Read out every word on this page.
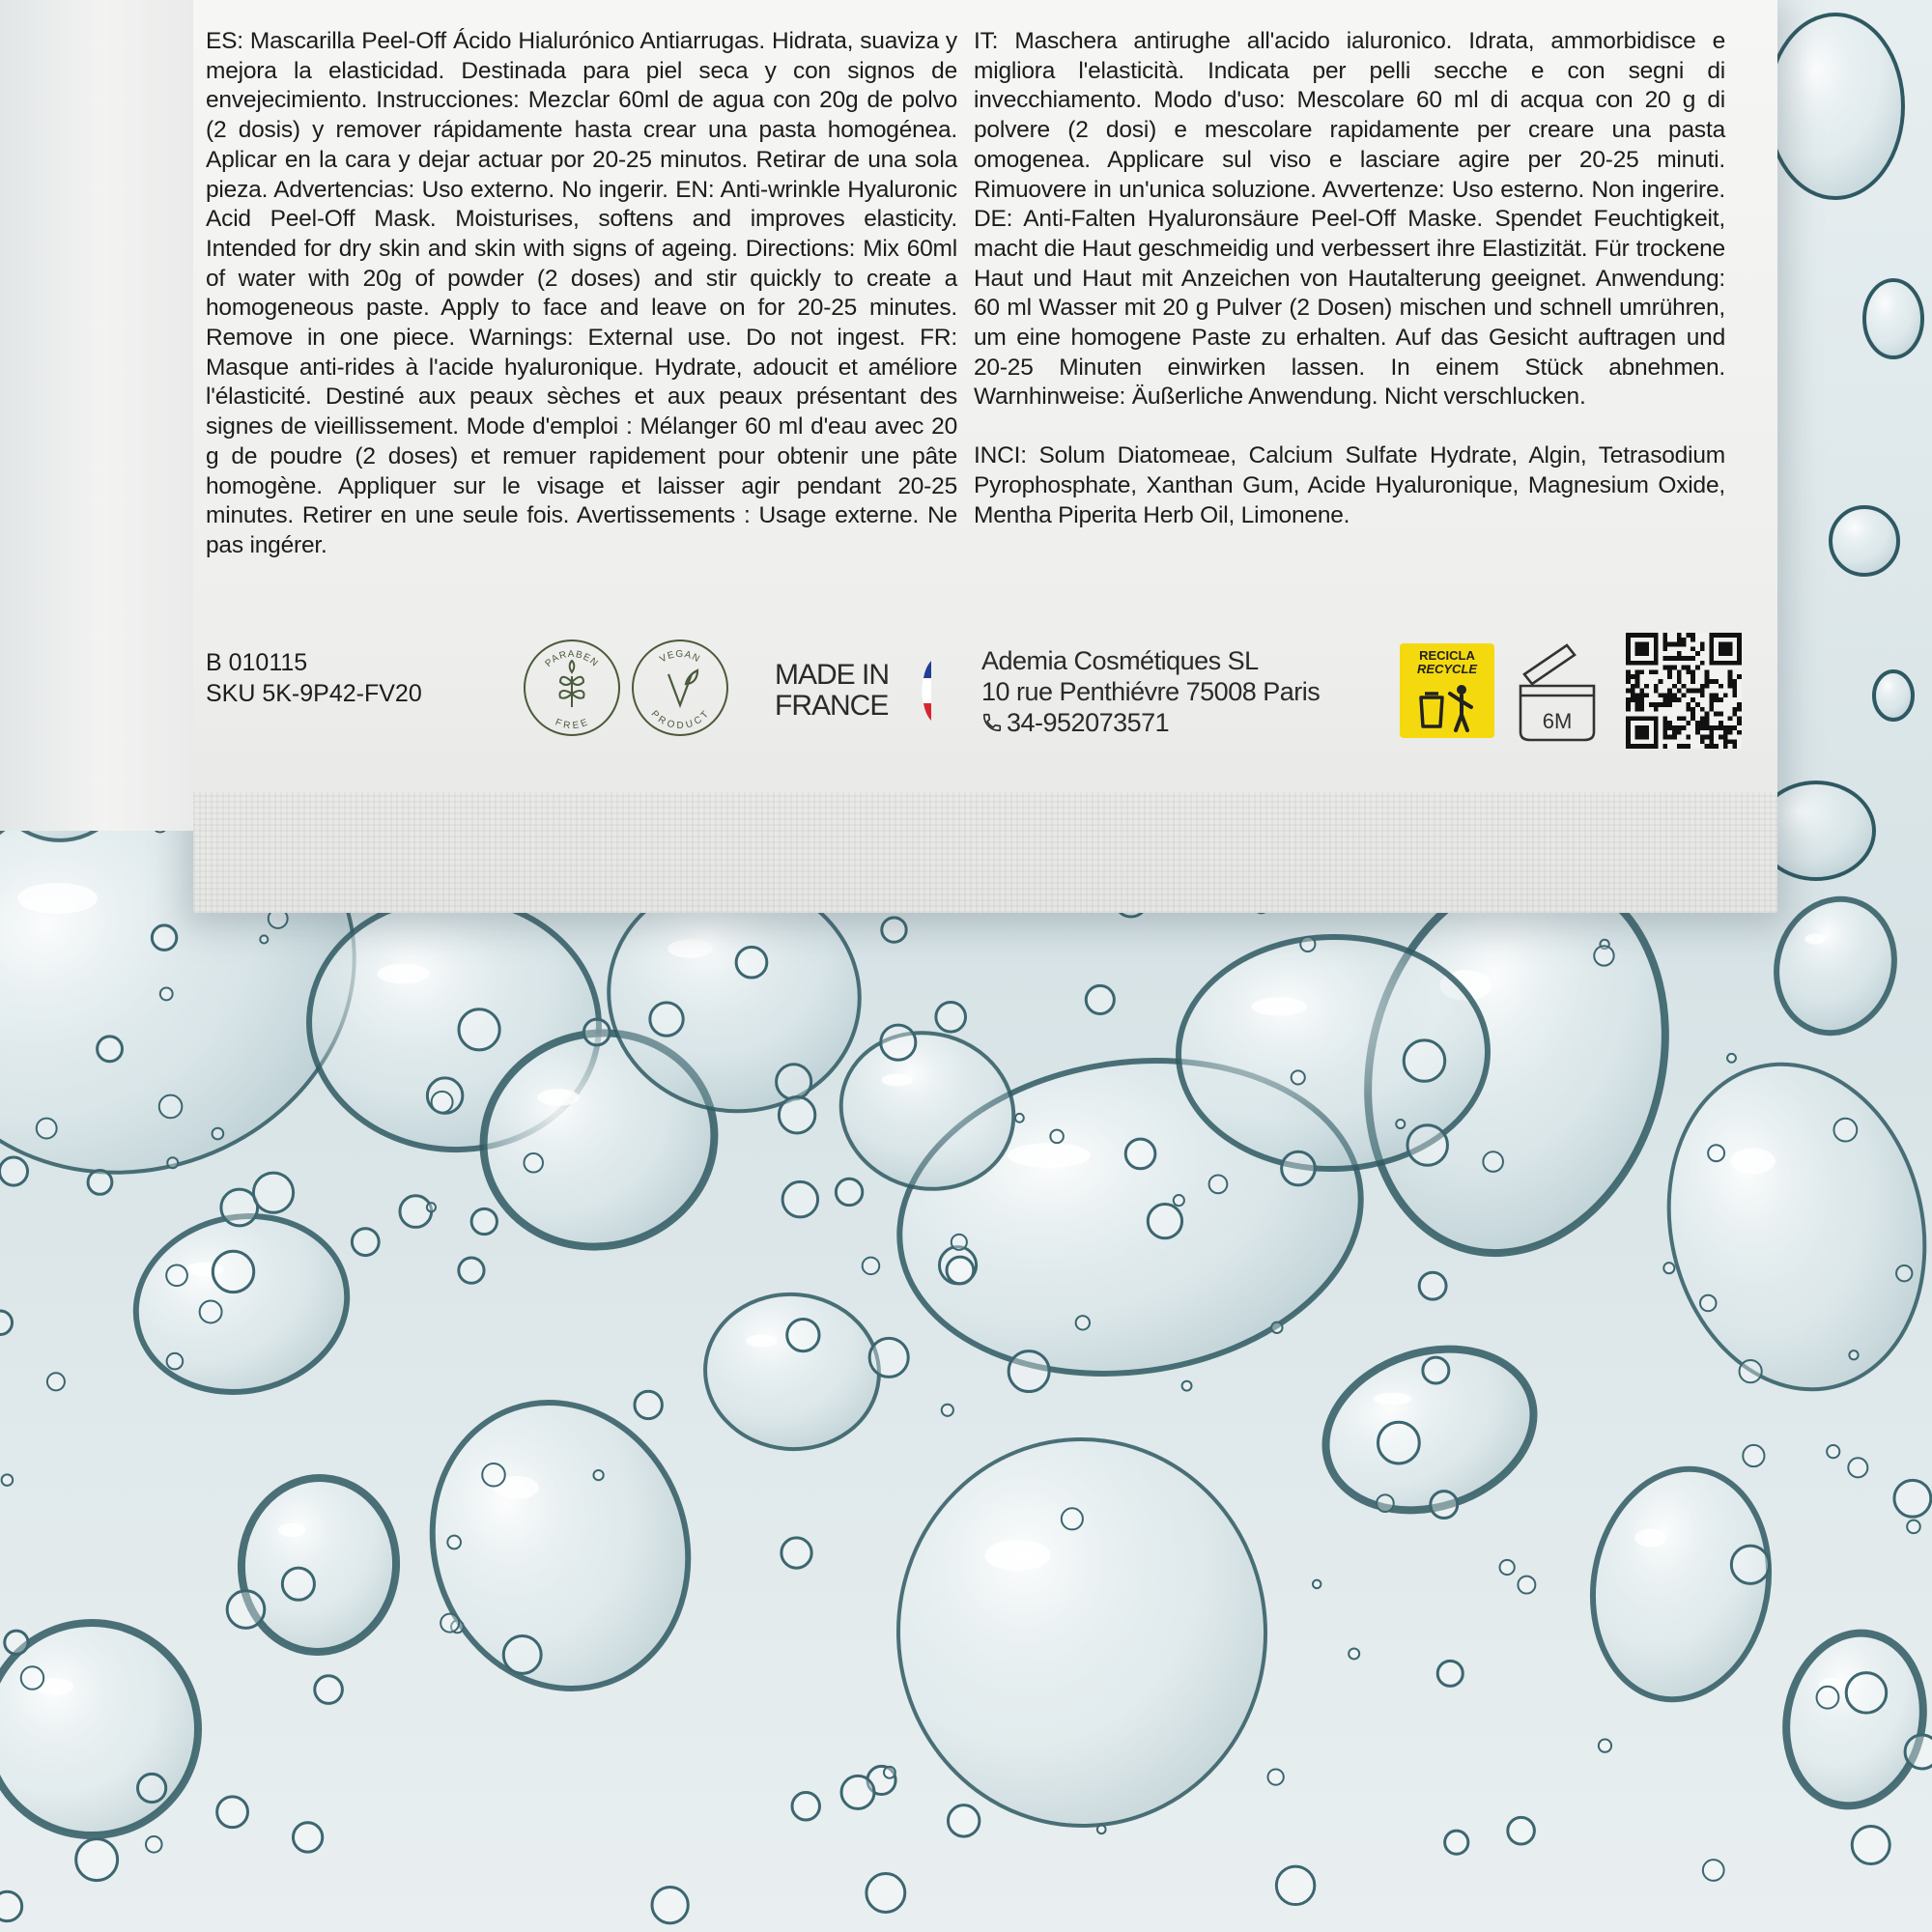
ES: Mascarilla Peel-Off Ácido Hialurónico Antiarrugas. Hidrata, suaviza y mejora la elasticidad. Destinada para piel seca y con signos de envejecimiento. Instrucciones: Mezclar 60ml de agua con 20g de polvo (2 dosis) y remover rápidamente hasta crear una pasta homogénea. Aplicar en la cara y dejar actuar por 20-25 minutos. Retirar de una sola pieza. Advertencias: Uso externo. No ingerir. EN: Anti-wrinkle Hyaluronic Acid Peel-Off Mask. Moisturises, softens and improves elasticity. Intended for dry skin and skin with signs of ageing. Directions: Mix 60ml of water with 20g of powder (2 doses) and stir quickly to create a homogeneous paste. Apply to face and leave on for 20-25 minutes. Remove in one piece. Warnings: External use. Do not ingest. FR: Masque anti-rides à l'acide hyaluronique. Hydrate, adoucit et améliore l'élasticité. Destiné aux peaux sèches et aux peaux présentant des signes de vieillissement. Mode d'emploi : Mélanger 60 ml d'eau avec 20 g de poudre (2 doses) et remuer rapidement pour obtenir une pâte homogène. Appliquer sur le visage et laisser agir pendant 20-25 minutes. Retirer en une seule fois. Avertissements : Usage externe. Ne pas ingérer.

IT: Maschera antirughe all'acido ialuronico. Idrata, ammorbidisce e migliora l'elasticità. Indicata per pelli secche e con segni di invecchiamento. Modo d'uso: Mescolare 60 ml di acqua con 20 g di polvere (2 dosi) e mescolare rapidamente per creare una pasta omogenea. Applicare sul viso e lasciare agire per 20-25 minuti. Rimuovere in un'unica soluzione. Avvertenze: Uso esterno. Non ingerire. DE: Anti-Falten Hyaluronsäure Peel-Off Maske. Spendet Feuchtigkeit, macht die Haut geschmeidig und verbessert ihre Elastizität. Für trockene Haut und Haut mit Anzeichen von Hautalterung geeignet. Anwendung: 60 ml Wasser mit 20 g Pulver (2 Dosen) mischen und schnell umrühren, um eine homogene Paste zu erhalten. Auf das Gesicht auftragen und 20-25 Minuten einwirken lassen. In einem Stück abnehmen. Warnhinweise: Äußerliche Anwendung. Nicht verschlucken.

INCI: Solum Diatomeae, Calcium Sulfate Hydrate, Algin, Tetrasodium Pyrophosphate, Xanthan Gum, Acide Hyaluronique, Magnesium Oxide, Mentha Piperita Herb Oil, Limonene.

B 010115
SKU 5K-9P42-FV20
PARABEN
FREE
VEGAN
PRODUCT
MADE IN
FRANCE
Ademia Cosmétiques SL
10 rue Penthiévre 75008 Paris
34-952073571
RECICLA
RECYCLE
6M
